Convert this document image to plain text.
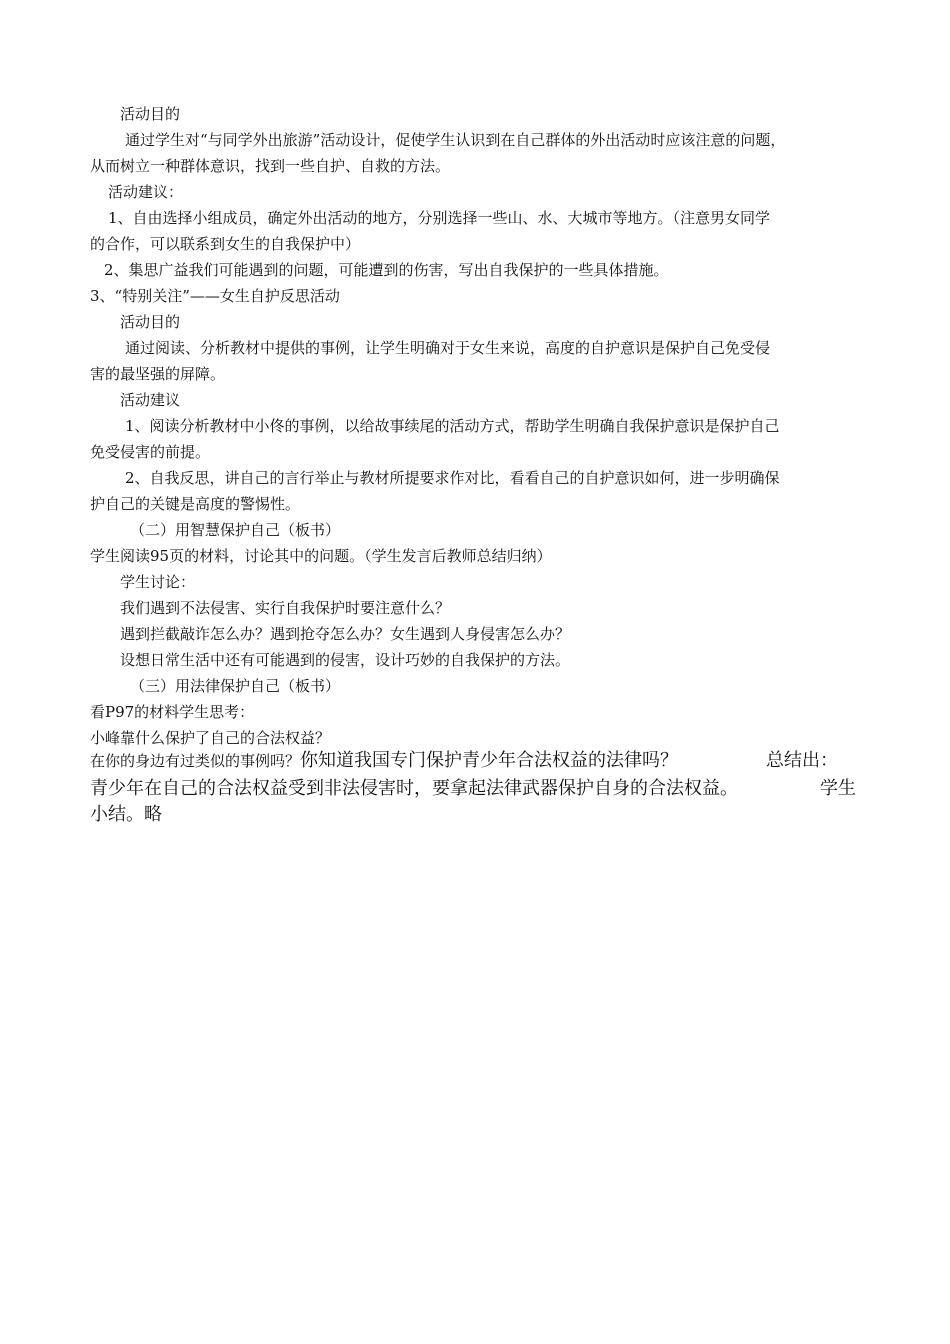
活动目的
通过学生对“与同学外出旅游”活动设计，促使学生认识到在自己群体的外出活动时应该注意的问题，
从而树立一种群体意识，找到一些自护、自救的方法。
活动建议：
1、自由选择小组成员，确定外出活动的地方，分别选择一些山、水、大城市等地方。（注意男女同学
的合作，可以联系到女生的自我保护中）
2、集思广益我们可能遇到的问题，可能遭到的伤害，写出自我保护的一些具体措施。
3、“特别关注”——女生自护反思活动
活动目的
通过阅读、分析教材中提供的事例，让学生明确对于女生来说，高度的自护意识是保护自己免受侵
害的最坚强的屏障。
活动建议
1、阅读分析教材中小佟的事例，以给故事续尾的活动方式，帮助学生明确自我保护意识是保护自己
免受侵害的前提。
2、自我反思，讲自己的言行举止与教材所提要求作对比，看看自己的自护意识如何，进一步明确保
护自己的关键是高度的警惕性。
（二）用智慧保护自己（板书）
学生阅读95页的材料，讨论其中的问题。（学生发言后教师总结归纳）
学生讨论：
我们遇到不法侵害、实行自我保护时要注意什么？
遇到拦截敲诈怎么办？遇到抢夺怎么办？女生遇到人身侵害怎么办？
设想日常生活中还有可能遇到的侵害，设计巧妙的自我保护的方法。
（三）用法律保护自己（板书）
看P97的材料学生思考：
小峰靠什么保护了自己的合法权益？
在你的身边有过类似的事例吗？你知道我国专门保护青少年合法权益的法律吗？	总结出：
青少年在自己的合法权益受到非法侵害时，要拿起法律武器保护自身的合法权益。	学生
小结。略
